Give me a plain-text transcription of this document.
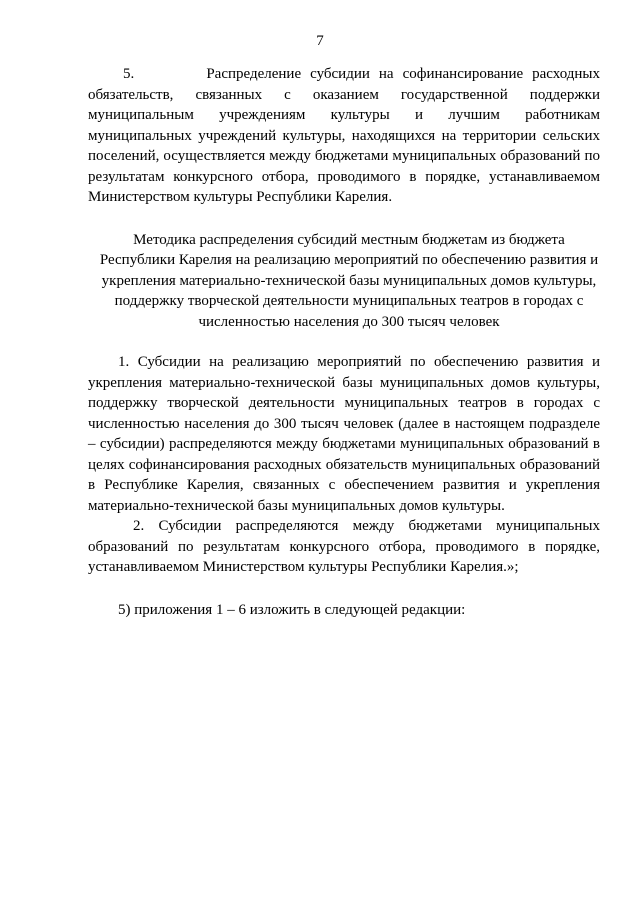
7

5.        Распределение субсидии на софинансирование расходных обязательств, связанных с оказанием государственной поддержки муниципальным учреждениям культуры и лучшим работникам муниципальных учреждений культуры, находящихся на территории сельских поселений, осуществляется между бюджетами муниципальных образований по результатам конкурсного отбора, проводимого в порядке, устанавливаемом Министерством культуры Республики Карелия.

Методика распределения субсидий местным бюджетам из бюджета Республики Карелия на реализацию мероприятий по обеспечению развития и укрепления материально-технической базы муниципальных домов культуры, поддержку творческой деятельности муниципальных театров в городах с численностью населения до 300 тысяч человек

1. Субсидии на реализацию мероприятий по обеспечению развития и укрепления материально-технической базы муниципальных домов культуры, поддержку творческой деятельности муниципальных театров в городах с численностью населения до 300 тысяч человек (далее в настоящем подразделе – субсидии) распределяются между бюджетами муниципальных образований в целях софинансирования расходных обязательств муниципальных образований в Республике Карелия, связанных с обеспечением развития и укрепления материально-технической базы муниципальных домов культуры.

2. Субсидии распределяются между бюджетами муниципальных образований по результатам конкурсного отбора, проводимого в порядке, устанавливаемом Министерством культуры Республики Карелия.»;

5) приложения 1 – 6 изложить в следующей редакции:
